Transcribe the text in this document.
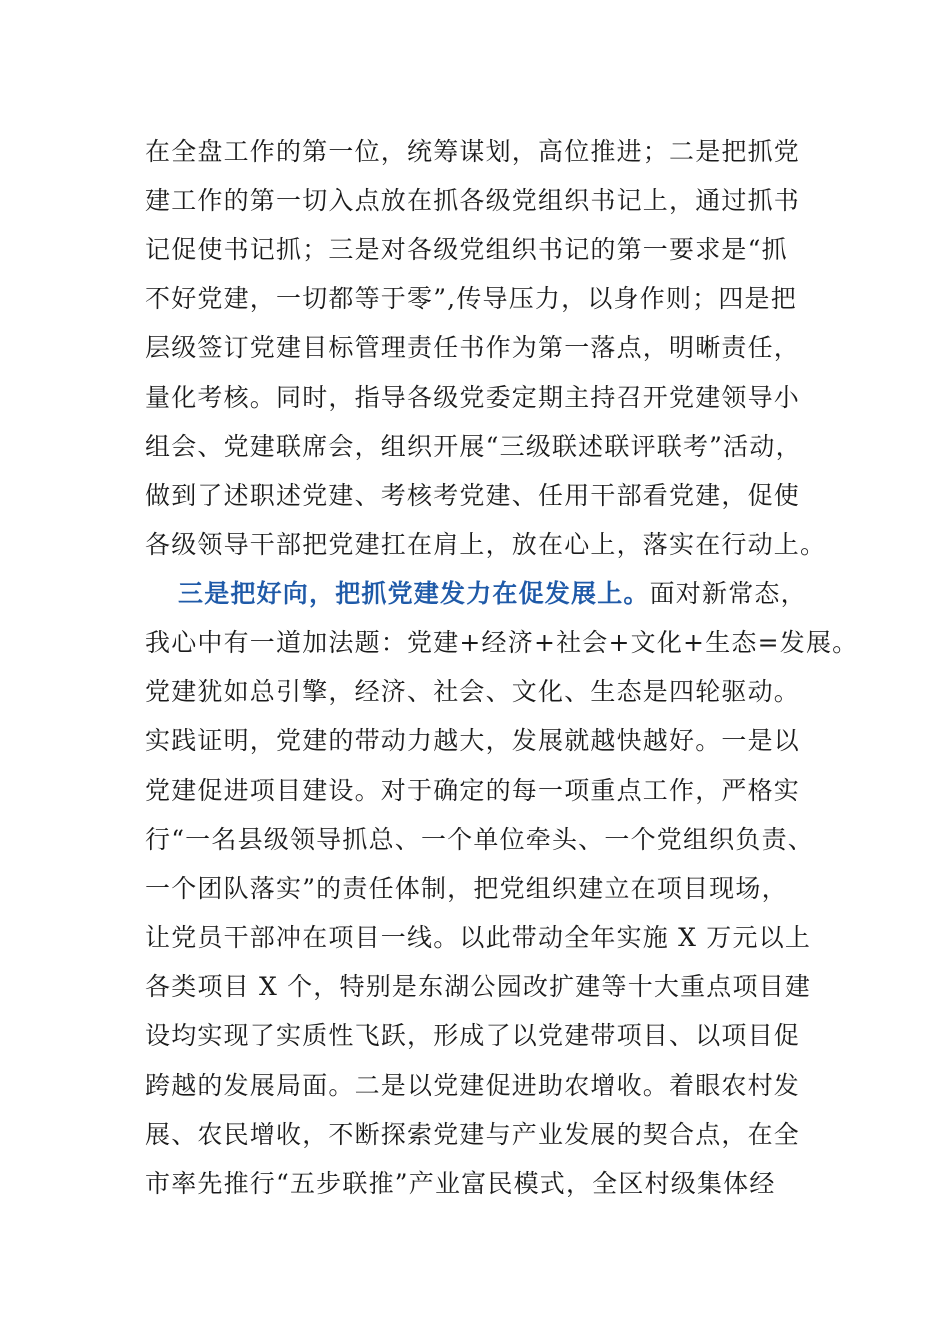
在全盘工作的第一位，统筹谋划，高位推进；二是把抓党
建工作的第一切入点放在抓各级党组织书记上，通过抓书
记促使书记抓；三是对各级党组织书记的第一要求是“抓
不好党建，一切都等于零”,传导压力，以身作则；四是把
层级签订党建目标管理责任书作为第一落点，明晰责任，
量化考核。同时，指导各级党委定期主持召开党建领导小
组会、党建联席会，组织开展“三级联述联评联考”活动，
做到了述职述党建、考核考党建、任用干部看党建，促使
各级领导干部把党建扛在肩上，放在心上，落实在行动上。
三是把好向，把抓党建发力在促发展上。面对新常态，
我心中有一道加法题：党建+经济+社会+文化+生态=发展。
党建犹如总引擎，经济、社会、文化、生态是四轮驱动。
实践证明，党建的带动力越大，发展就越快越好。一是以
党建促进项目建设。对于确定的每一项重点工作，严格实
行“一名县级领导抓总、一个单位牵头、一个党组织负责、
一个团队落实”的责任体制，把党组织建立在项目现场，
让党员干部冲在项目一线。以此带动全年实施 X 万元以上
各类项目 X 个，特别是东湖公园改扩建等十大重点项目建
设均实现了实质性飞跃，形成了以党建带项目、以项目促
跨越的发展局面。二是以党建促进助农增收。着眼农村发
展、农民增收，不断探索党建与产业发展的契合点，在全
市率先推行“五步联推”产业富民模式，全区村级集体经
